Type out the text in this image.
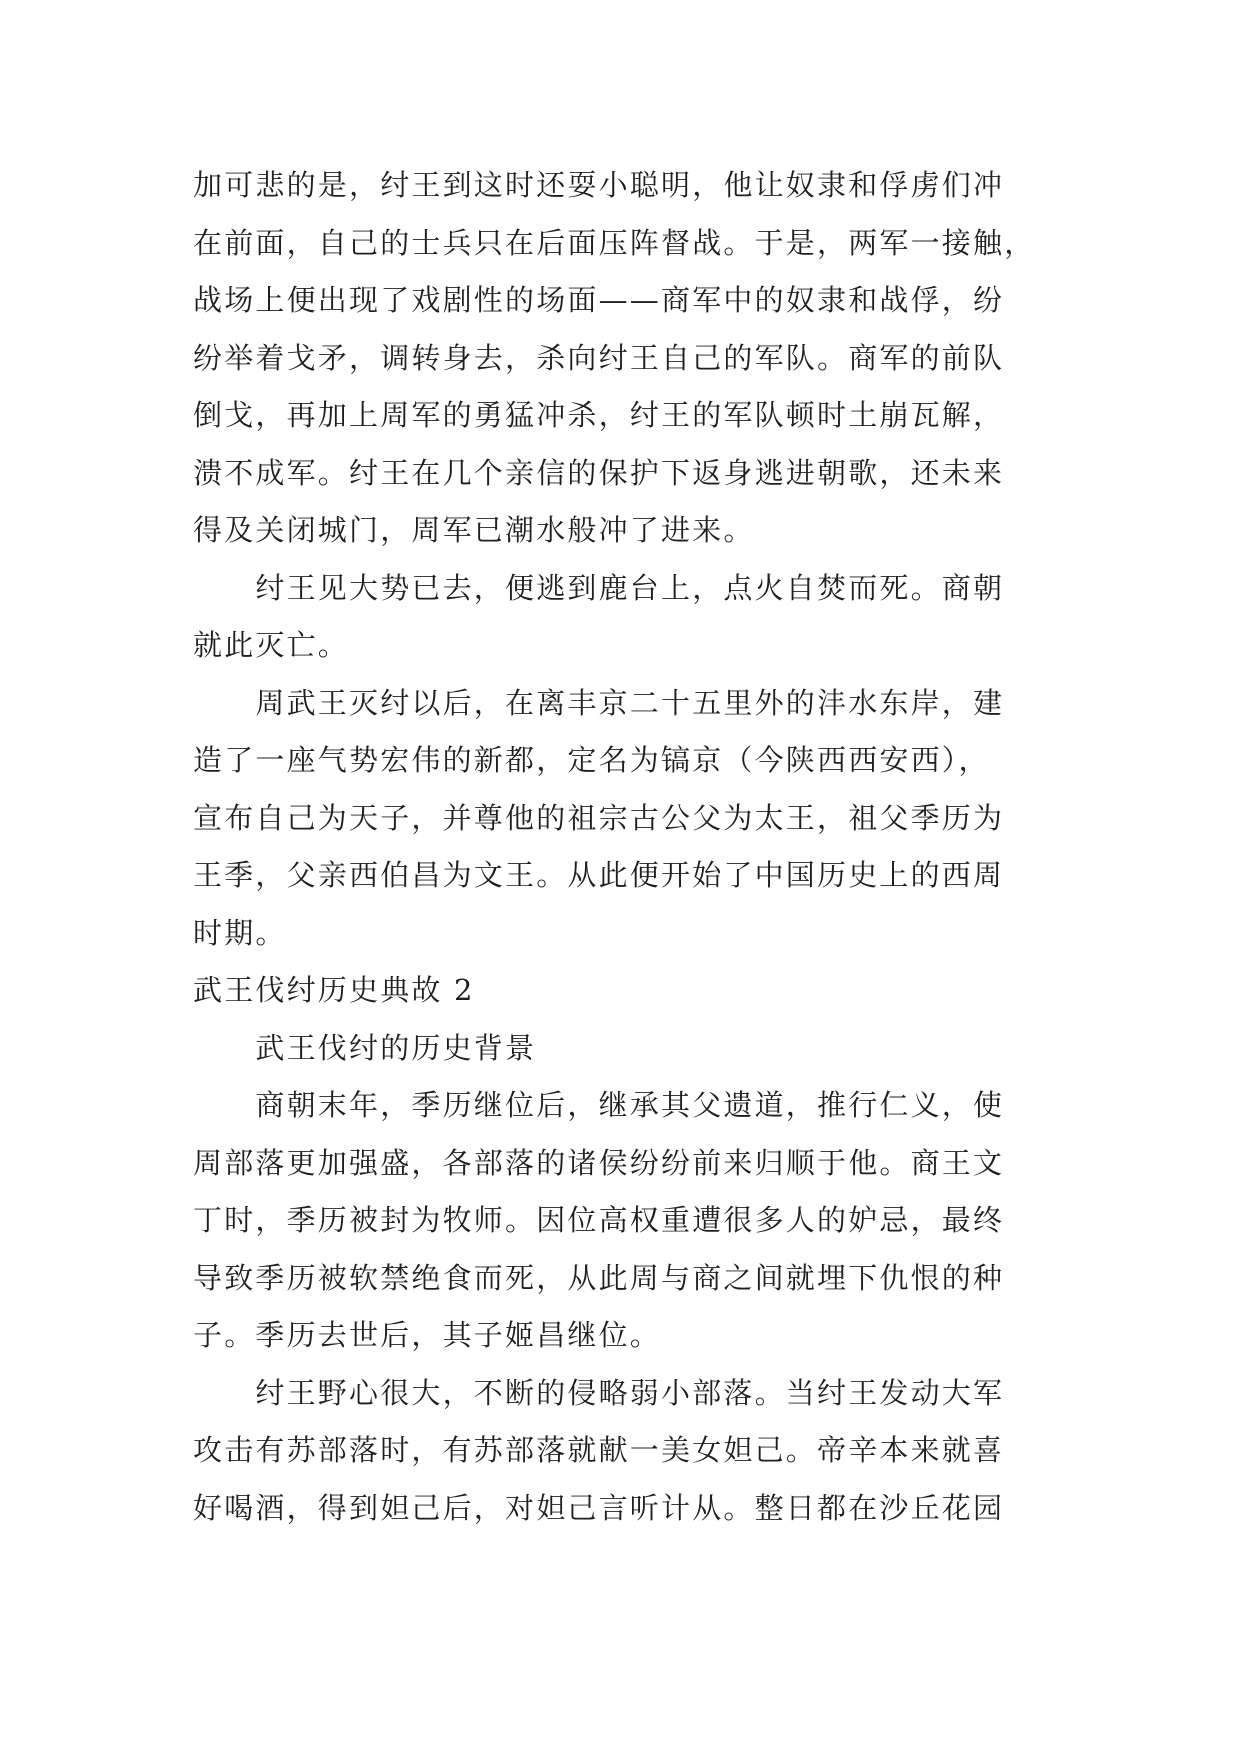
加可悲的是，纣王到这时还耍小聪明，他让奴隶和俘虏们冲
在前面，自己的士兵只在后面压阵督战。于是，两军一接触，
战场上便出现了戏剧性的场面——商军中的奴隶和战俘，纷
纷举着戈矛，调转身去，杀向纣王自己的军队。商军的前队
倒戈，再加上周军的勇猛冲杀，纣王的军队顿时土崩瓦解，
溃不成军。纣王在几个亲信的保护下返身逃进朝歌，还未来
得及关闭城门，周军已潮水般冲了进来。
　　纣王见大势已去，便逃到鹿台上，点火自焚而死。商朝
就此灭亡。
　　周武王灭纣以后，在离丰京二十五里外的沣水东岸，建
造了一座气势宏伟的新都，定名为镐京（今陕西西安西），
宣布自己为天子，并尊他的祖宗古公父为太王，祖父季历为
王季，父亲西伯昌为文王。从此便开始了中国历史上的西周
时期。
武王伐纣历史典故 2
　　武王伐纣的历史背景
　　商朝末年，季历继位后，继承其父遗道，推行仁义，使
周部落更加强盛，各部落的诸侯纷纷前来归顺于他。商王文
丁时，季历被封为牧师。因位高权重遭很多人的妒忌，最终
导致季历被软禁绝食而死，从此周与商之间就埋下仇恨的种
子。季历去世后，其子姬昌继位。
　　纣王野心很大，不断的侵略弱小部落。当纣王发动大军
攻击有苏部落时，有苏部落就献一美女妲己。帝辛本来就喜
好喝酒，得到妲己后，对妲己言听计从。整日都在沙丘花园
